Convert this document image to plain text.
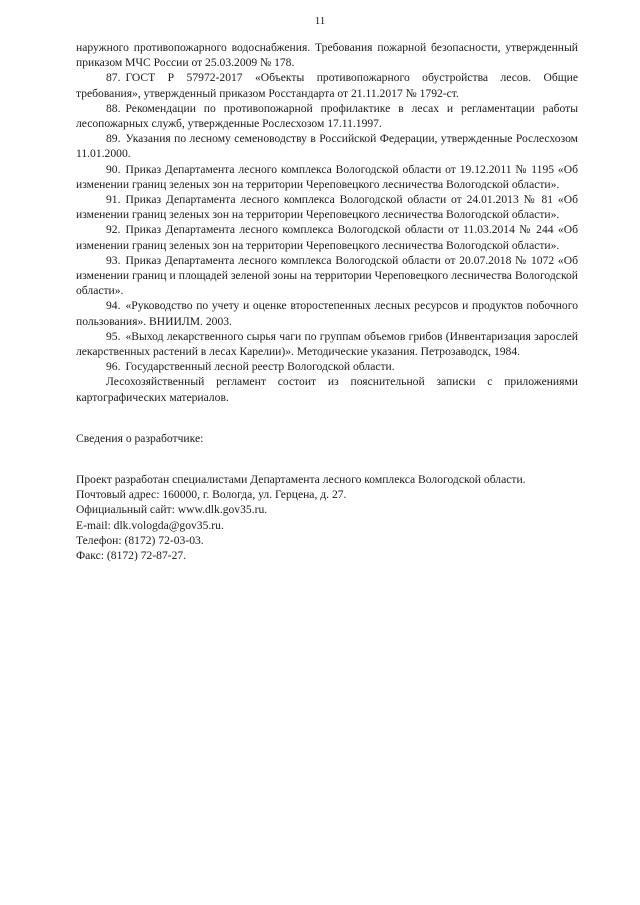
11

наружного противопожарного водоснабжения. Требования пожарной безопасности, утвержденный приказом МЧС России от 25.03.2009 № 178.

87. ГОСТ Р 57972-2017 «Объекты противопожарного обустройства лесов. Общие требования», утвержденный приказом Росстандарта от 21.11.2017 № 1792-ст.

88. Рекомендации по противопожарной профилактике в лесах и регламентации работы лесопожарных служб, утвержденные Рослесхозом 17.11.1997.

89. Указания по лесному семеноводству в Российской Федерации, утвержденные Рослесхозом 11.01.2000.

90. Приказ Департамента лесного комплекса Вологодской области от 19.12.2011 № 1195 «Об изменении границ зеленых зон на территории Череповецкого лесничества Вологодской области».

91. Приказ Департамента лесного комплекса Вологодской области от 24.01.2013 № 81 «Об изменении границ зеленых зон на территории Череповецкого лесничества Вологодской области».

92. Приказ Департамента лесного комплекса Вологодской области от 11.03.2014 № 244 «Об изменении границ зеленых зон на территории Череповецкого лесничества Вологодской области».

93. Приказ Департамента лесного комплекса Вологодской области от 20.07.2018 № 1072 «Об изменении границ и площадей зеленой зоны на территории Череповецкого лесничества Вологодской области».

94. «Руководство по учету и оценке второстепенных лесных ресурсов и продуктов побочного пользования». ВНИИЛМ. 2003.

95. «Выход лекарственного сырья чаги по группам объемов грибов (Инвентаризация зарослей лекарственных растений в лесах Карелии)». Методические указания. Петрозаводск, 1984.

96. Государственный лесной реестр Вологодской области.

Лесохозяйственный регламент состоит из пояснительной записки с приложениями картографических материалов.

Сведения о разработчике:

Проект разработан специалистами Департамента лесного комплекса Вологодской области.

Почтовый адрес: 160000, г. Вологда, ул. Герцена, д. 27.

Официальный сайт: www.dlk.gov35.ru.

E-mail: dlk.vologda@gov35.ru.

Телефон: (8172) 72-03-03.

Факс: (8172) 72-87-27.
